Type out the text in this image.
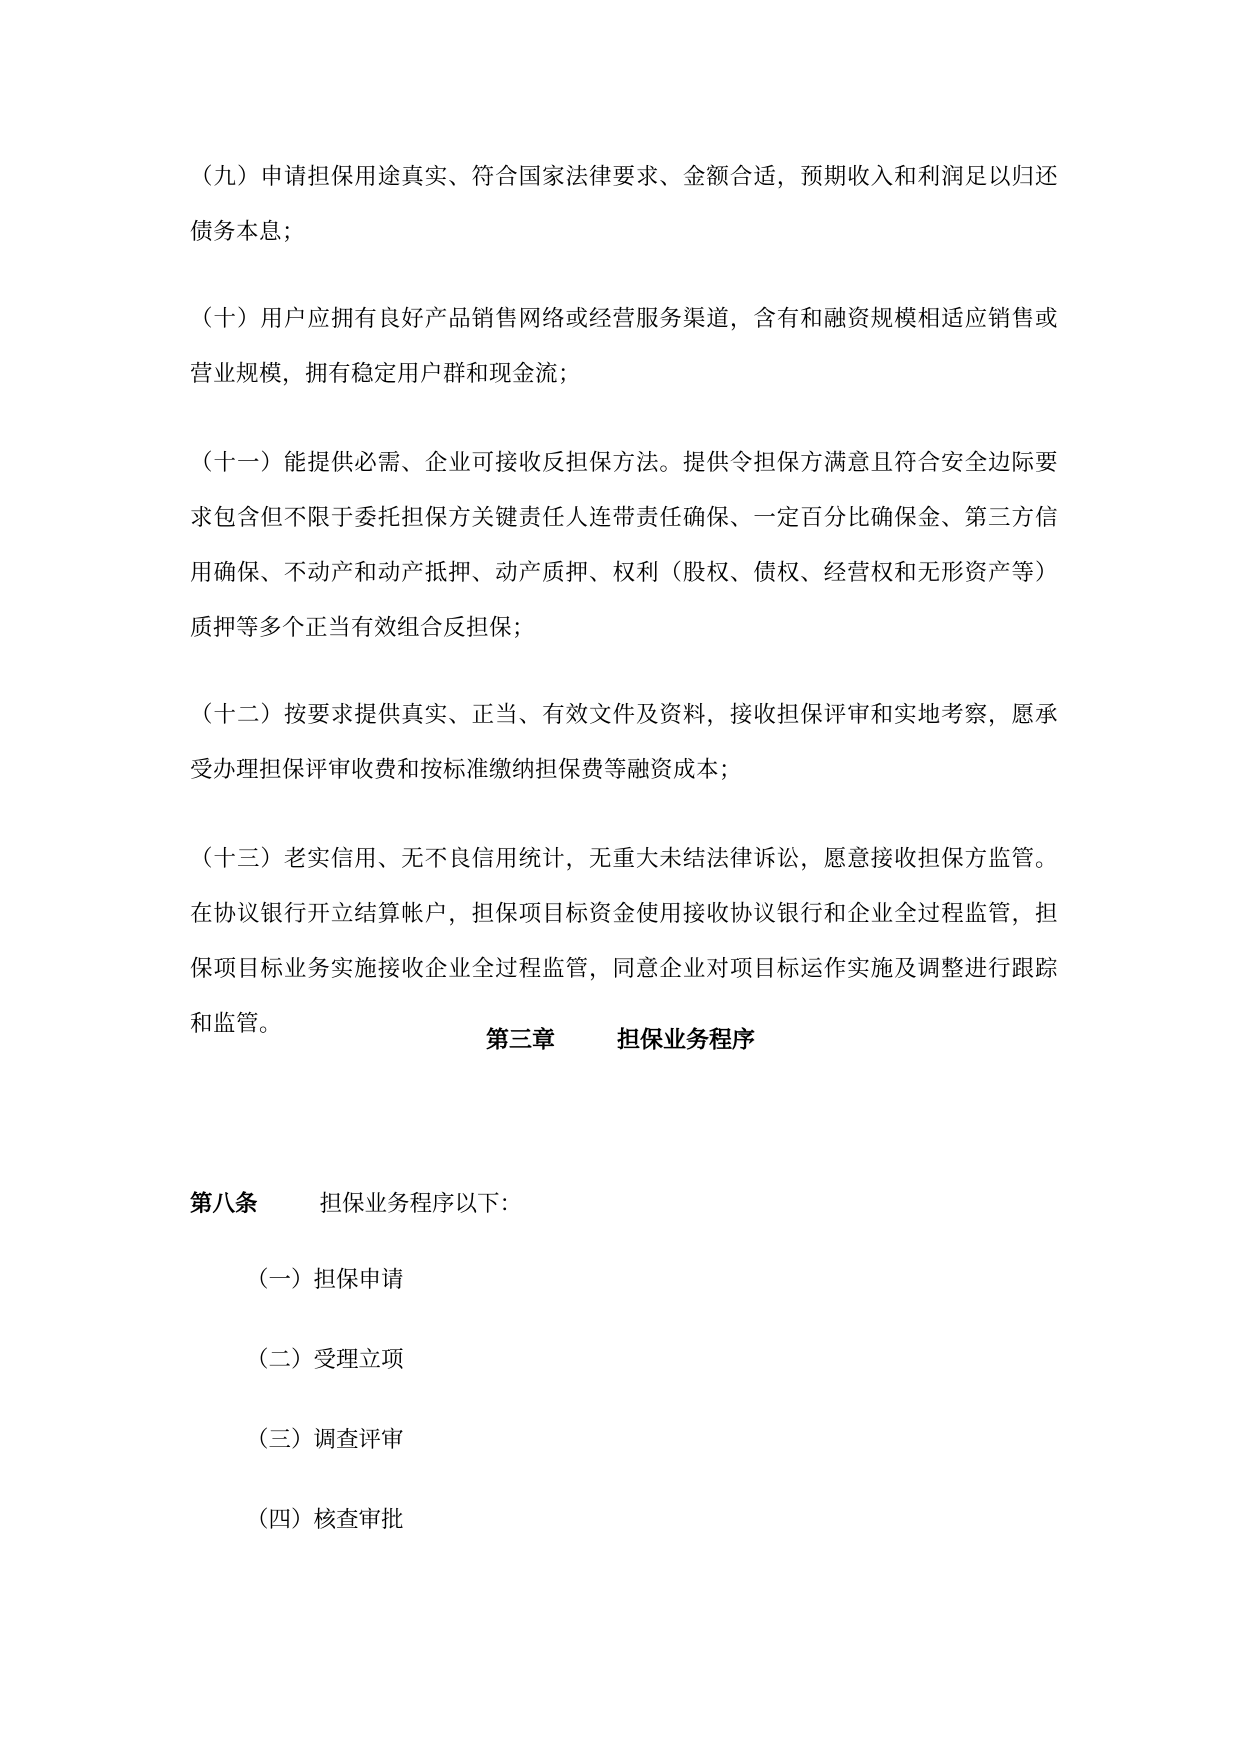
（九）申请担保用途真实、符合国家法律要求、金额合适，预期收入和利润足以归还债务本息；

（十）用户应拥有良好产品销售网络或经营服务渠道，含有和融资规模相适应销售或营业规模，拥有稳定用户群和现金流；

（十一）能提供必需、企业可接收反担保方法。提供令担保方满意且符合安全边际要求包含但不限于委托担保方关键责任人连带责任确保、一定百分比确保金、第三方信用确保、不动产和动产抵押、动产质押、权利（股权、债权、经营权和无形资产等）质押等多个正当有效组合反担保；

（十二）按要求提供真实、正当、有效文件及资料，接收担保评审和实地考察，愿承受办理担保评审收费和按标准缴纳担保费等融资成本；

（十三）老实信用、无不良信用统计，无重大未结法律诉讼，愿意接收担保方监管。在协议银行开立结算帐户，担保项目标资金使用接收协议银行和企业全过程监管，担保项目标业务实施接收企业全过程监管，同意企业对项目标运作实施及调整进行跟踪和监管。

第三章	担保业务程序
第八条	担保业务程序以下：
（一）担保申请
（二）受理立项
（三）调查评审
（四）核查审批
